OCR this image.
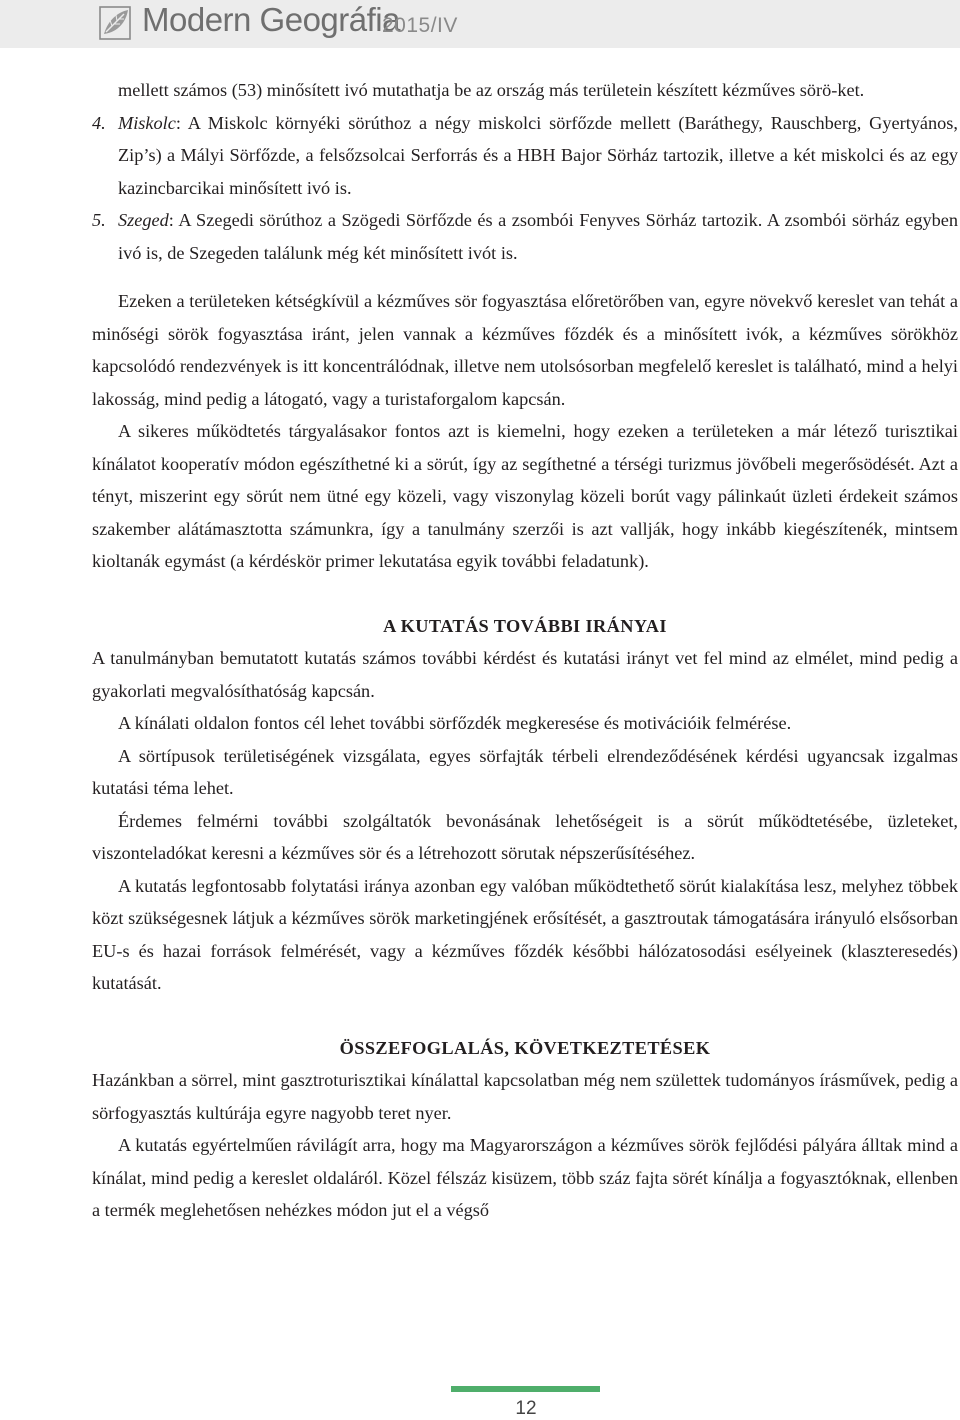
Modern Geográfia
2015/IV

mellett számos (53) minősített ivó mutathatja be az ország más területein készített kézműves sörö-ket.

4. Miskolc: A Miskolc környéki sörúthoz a négy miskolci sörfőzde mellett (Baráthegy, Rauschberg, Gyertyános, Zip’s) a Mályi Sörfőzde, a felsőzsolcai Serforrás és a HBH Bajor Sörház tartozik, illetve a két miskolci és az egy kazincbarcikai minősített ivó is.

5. Szeged: A Szegedi sörúthoz a Szögedi Sörfőzde és a zsombói Fenyves Sörház tartozik. A zsombói sörház egyben ivó is, de Szegeden találunk még két minősített ivót is.

Ezeken a területeken kétségkívül a kézműves sör fogyasztása előretörőben van, egyre növekvő kereslet van tehát a minőségi sörök fogyasztása iránt, jelen vannak a kézműves főzdék és a minősített ivók, a kézműves sörökhöz kapcsolódó rendezvények is itt koncentrálódnak, illetve nem utolsósorban megfelelő kereslet is található, mind a helyi lakosság, mind pedig a látogató, vagy a turistaforgalom kapcsán.

A sikeres működtetés tárgyalásakor fontos azt is kiemelni, hogy ezeken a területeken a már létező turisztikai kínálatot kooperatív módon egészíthetné ki a sörút, így az segíthetné a térségi turizmus jövőbeli megerősödését. Azt a tényt, miszerint egy sörút nem ütné egy közeli, vagy viszonylag közeli borút vagy pálinkaút üzleti érdekeit számos szakember alátámasztotta számunkra, így a tanulmány szerzői is azt vallják, hogy inkább kiegészítenék, mintsem kioltanák egymást (a kérdéskör primer lekutatása egyik további feladatunk).

A KUTATÁS TOVÁBBI IRÁNYAI

A tanulmányban bemutatott kutatás számos további kérdést és kutatási irányt vet fel mind az elmélet, mind pedig a gyakorlati megvalósíthatóság kapcsán.

A kínálati oldalon fontos cél lehet további sörfőzdék megkeresése és motivációik felmérése.

A sörtípusok területiségének vizsgálata, egyes sörfajták térbeli elrendeződésének kérdési ugyancsak izgalmas kutatási téma lehet.

Érdemes felmérni további szolgáltatók bevonásának lehetőségeit is a sörút működtetésébe, üzleteket, viszonteladókat keresni a kézműves sör és a létrehozott sörutak népszerűsítéséhez.

A kutatás legfontosabb folytatási iránya azonban egy valóban működtethető sörút kialakítása lesz, melyhez többek közt szükségesnek látjuk a kézműves sörök marketingjének erősítését, a gasztroutak támogatására irányuló elsősorban EU-s és hazai források felmérését, vagy a kézműves főzdék későbbi hálózatosodási esélyeinek (klaszteresedés) kutatását.

ÖSSZEFOGLALÁS, KÖVETKEZTETÉSEK

Hazánkban a sörrel, mint gasztroturisztikai kínálattal kapcsolatban még nem születtek tudományos írásművek, pedig a sörfogyasztás kultúrája egyre nagyobb teret nyer.

A kutatás egyértelműen rávilágít arra, hogy ma Magyarországon a kézműves sörök fejlődési pályára álltak mind a kínálat, mind pedig a kereslet oldaláról. Közel félszáz kisüzem, több száz fajta sörét kínálja a fogyasztóknak, ellenben a termék meglehetősen nehézkes módon jut el a végső

12
